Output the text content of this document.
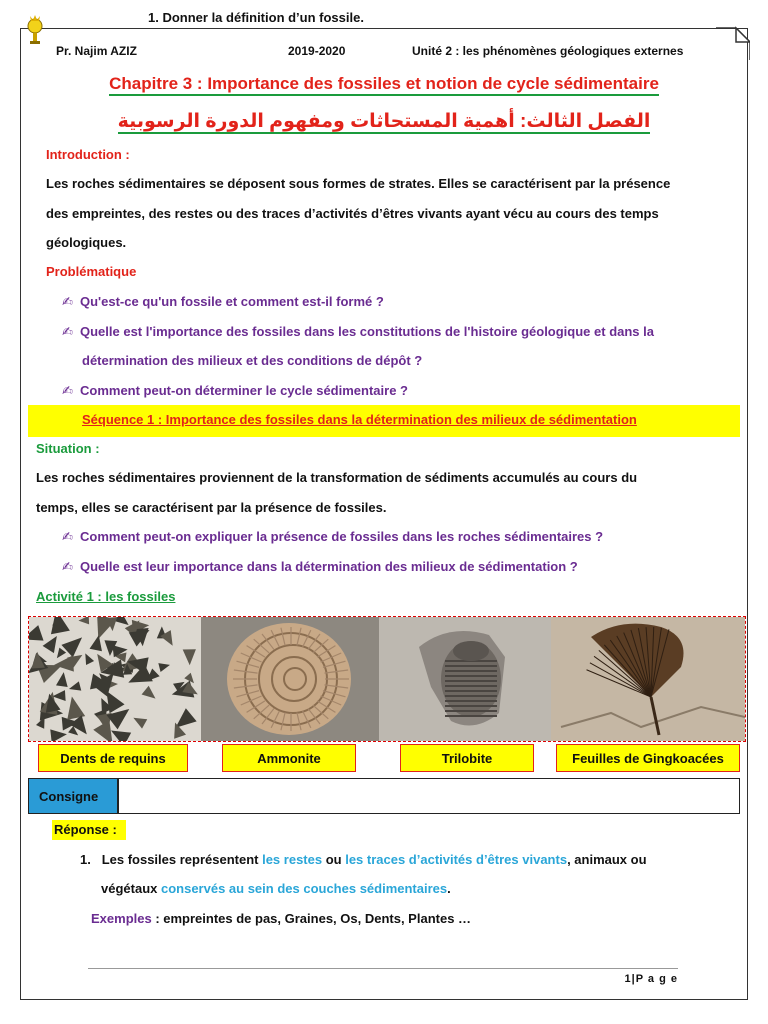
Pr. Najim AZIZ	2019-2020	Unité 2 : les phénomènes géologiques externes
Chapitre 3 : Importance des fossiles et notion de cycle sédimentaire
الفصل الثالث: أهمية المستحاثات ومفهوم الدورة الرسوبية
Introduction :
Les roches sédimentaires se déposent sous formes de strates. Elles se caractérisent par la présence
des empreintes, des restes ou des traces d’activités d’êtres vivants ayant vécu au cours des temps
géologiques.
Problématique
✍ Qu'est-ce qu'un fossile et comment est-il formé ?
✍ Quelle est l'importance des fossiles dans les constitutions de l'histoire géologique et dans la
détermination des milieux et des conditions de dépôt ?
✍ Comment peut-on déterminer le cycle sédimentaire ?
Séquence 1 : Importance des fossiles dans la détermination des milieux de sédimentation
Situation :
Les roches sédimentaires proviennent de la transformation de sédiments accumulés au cours du
temps, elles se caractérisent par la présence de fossiles.
✍ Comment peut-on expliquer la présence de fossiles dans les roches sédimentaires ?
✍ Quelle est leur importance dans la détermination des milieux de sédimentation ?
Activité 1 : les fossiles
Dents de requins	Ammonite	Trilobite	Feuilles de Gingkoacées
Consigne
1. Donner la définition d’un fossile.
Réponse :
1. Les fossiles représentent les restes ou les traces d’activités d’êtres vivants, animaux ou
végétaux conservés au sein des couches sédimentaires.
Exemples : empreintes de pas, Graines, Os, Dents, Plantes …
1|P a g e
